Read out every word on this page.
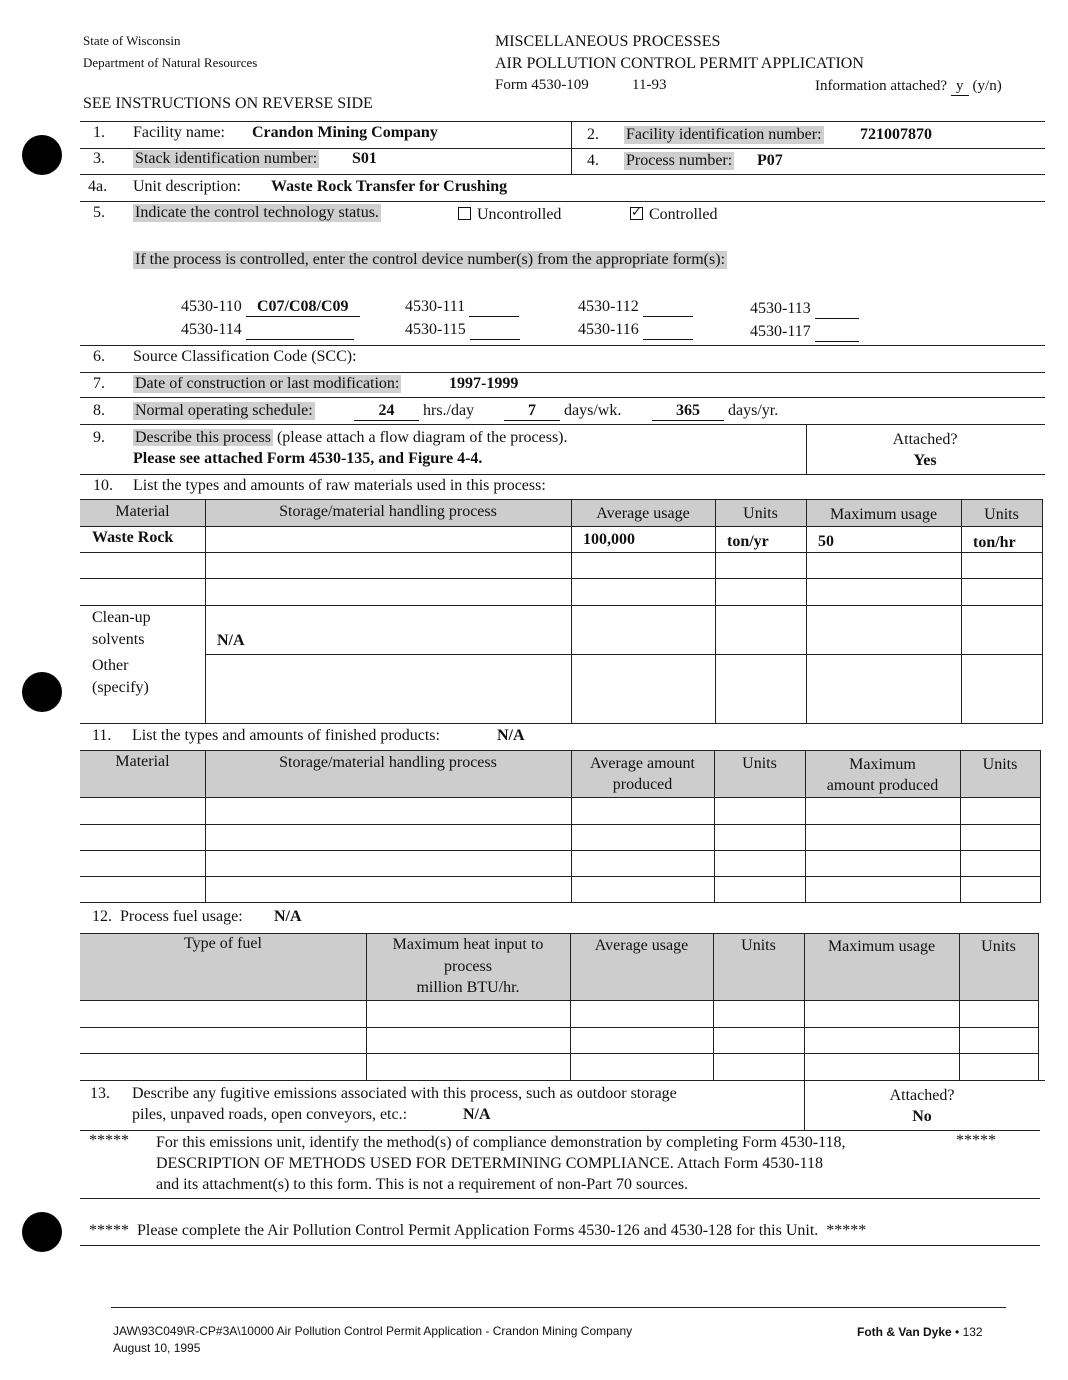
State of Wisconsin
Department of Natural Resources
MISCELLANEOUS PROCESSES
AIR POLLUTION CONTROL PERMIT APPLICATION
Form 4530-109	11-93	Information attached? y (y/n)
SEE INSTRUCTIONS ON REVERSE SIDE
1. Facility name: Crandon Mining Company	2. Facility identification number: 721007870
3. Stack identification number: S01	4. Process number: P07
4a. Unit description: Waste Rock Transfer for Crushing
5. Indicate the control technology status.	Uncontrolled
✓	Controlled
If the process is controlled, enter the control device number(s) from the appropriate form(s):
4530-110 C07/C08/C09	4530-111	4530-112	4530-113
4530-114	4530-115	4530-116	4530-117
6. Source Classification Code (SCC):
7. Date of construction or last modification:	1997-1999
8. Normal operating schedule:	24 hrs./day	7 days/wk.	365 days/yr.
9. Describe this process (please attach a flow diagram of the process).
Please see attached Form 4530-135, and Figure 4-4.
Attached?
Yes
10. List the types and amounts of raw materials used in this process:
Material	Storage/material handling process	Average usage	Units	Maximum usage	Units
Waste Rock	100,000	ton/yr	50	ton/hr
Clean-up
solvents	N/A
Other
(specify)
11. List the types and amounts of finished products:	N/A
Material	Storage/material handling process	Average amount
produced
Units	Maximum
amount produced
Units
12. Process fuel usage: N/A
Type of fuel	Maximum heat input to
process
million BTU/hr.
Average usage	Units	Maximum usage	Units
13. Describe any fugitive emissions associated with this process, such as outdoor storage
piles, unpaved roads, open conveyors, etc.:	N/A
Attached?
No
***** For this emissions unit, identify the method(s) of compliance demonstration by completing Form 4530-118,	*****
DESCRIPTION OF METHODS USED FOR DETERMINING COMPLIANCE. Attach Form 4530-118
and its attachment(s) to this form. This is not a requirement of non-Part 70 sources.
***** Please complete the Air Pollution Control Permit Application Forms 4530-126 and 4530-128 for this Unit. *****
JAW\93C049\R-CP#3A\10000 Air Pollution Control Permit Application - Crandon Mining Company
August 10, 1995
Foth & Van Dyke • 132
